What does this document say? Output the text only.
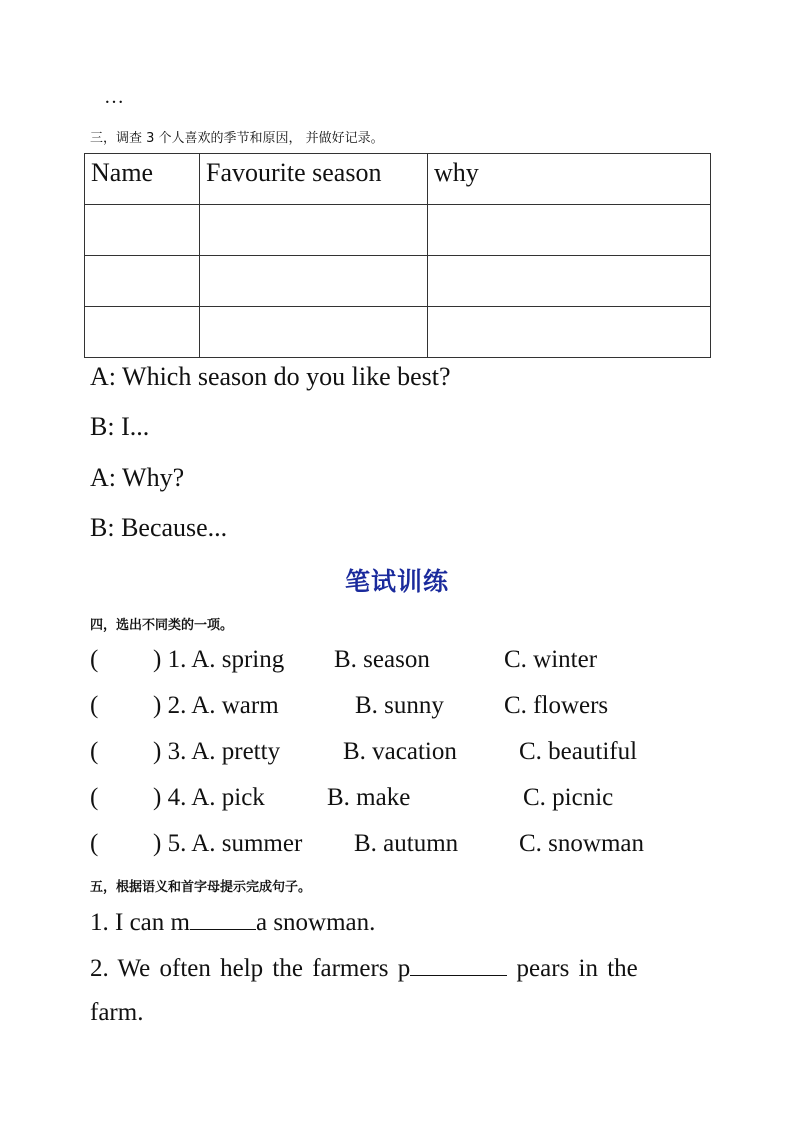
…
三，调查 3 个人喜欢的季节和原因， 并做好记录。
Name	Favourite season	why

A: Which season do you like best?
B: I...
A: Why?
B: Because...
笔试训练
四，选出不同类的一项。
( ) 1. A. spring B. season	C. winter
( ) 2. A. warm	B. sunny C. flowers
( ) 3. A. pretty	B. vacation C. beautiful
( ) 4. A. pick B. make	C. picnic
( ) 5. A. summer B. autumn C. snowman
五，根据语义和首字母提示完成句子。
1. I can m	a snowman.
2. We often help the farmers p	pears in the
farm.
